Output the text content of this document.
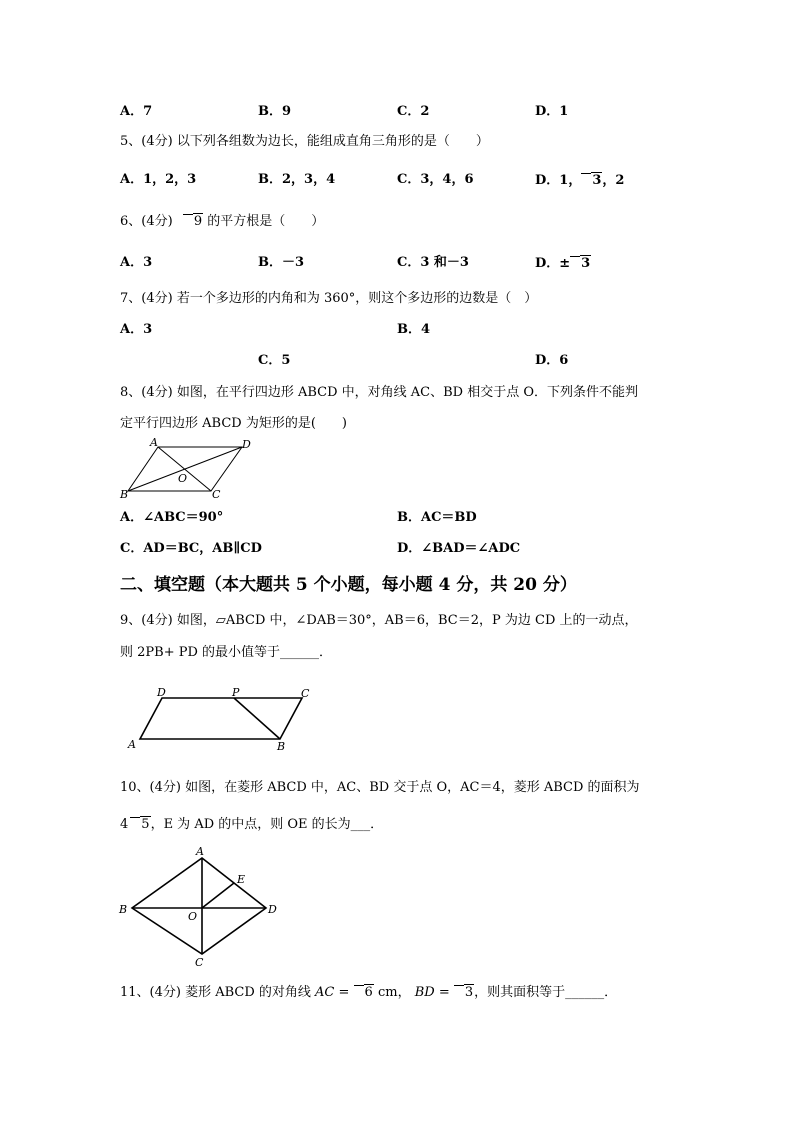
A．7	B．9	C．2	D．1
5、(4分) 以下列各组数为边长，能组成直角三角形的是（　　）
A．1，2，3	B．2，3，4	C．3，4，6	D．1， 3，2
6、(4分) 9 的平方根是（　　）
A．3	B．－3	C．3 和－3	D．± 3
7、(4分) 若一个多边形的内角和为 360°，则这个多边形的边数是（　）
A．3	B．4
C．5	D．6
8、(4分) 如图，在平行四边形 ABCD 中，对角线 AC、BD 相交于点 O．下列条件不能判
定平行四边形 ABCD 为矩形的是(　　)
A	D
B	C
O
A．∠ABC＝90°	B．AC＝BD
C．AD＝BC，AB∥CD	D．∠BAD＝∠ADC
二、填空题（本大题共 5 个小题，每小题 4 分，共 20 分）
9、(4分) 如图，▱ABCD 中，∠DAB＝30°，AB＝6，BC＝2，P 为边 CD 上的一动点，
则 2PB+ PD 的最小值等于______．
D	P	C
A	B
10、(4分) 如图，在菱形 ABCD 中，AC、BD 交于点 O，AC＝4，菱形 ABCD 的面积为
4 5，E 为 AD 的中点，则 OE 的长为___．
A
E
B	D
O
C
11、(4分) 菱形 ABCD 的对角线 AC = 6 cm， BD = 3，则其面积等于______．
